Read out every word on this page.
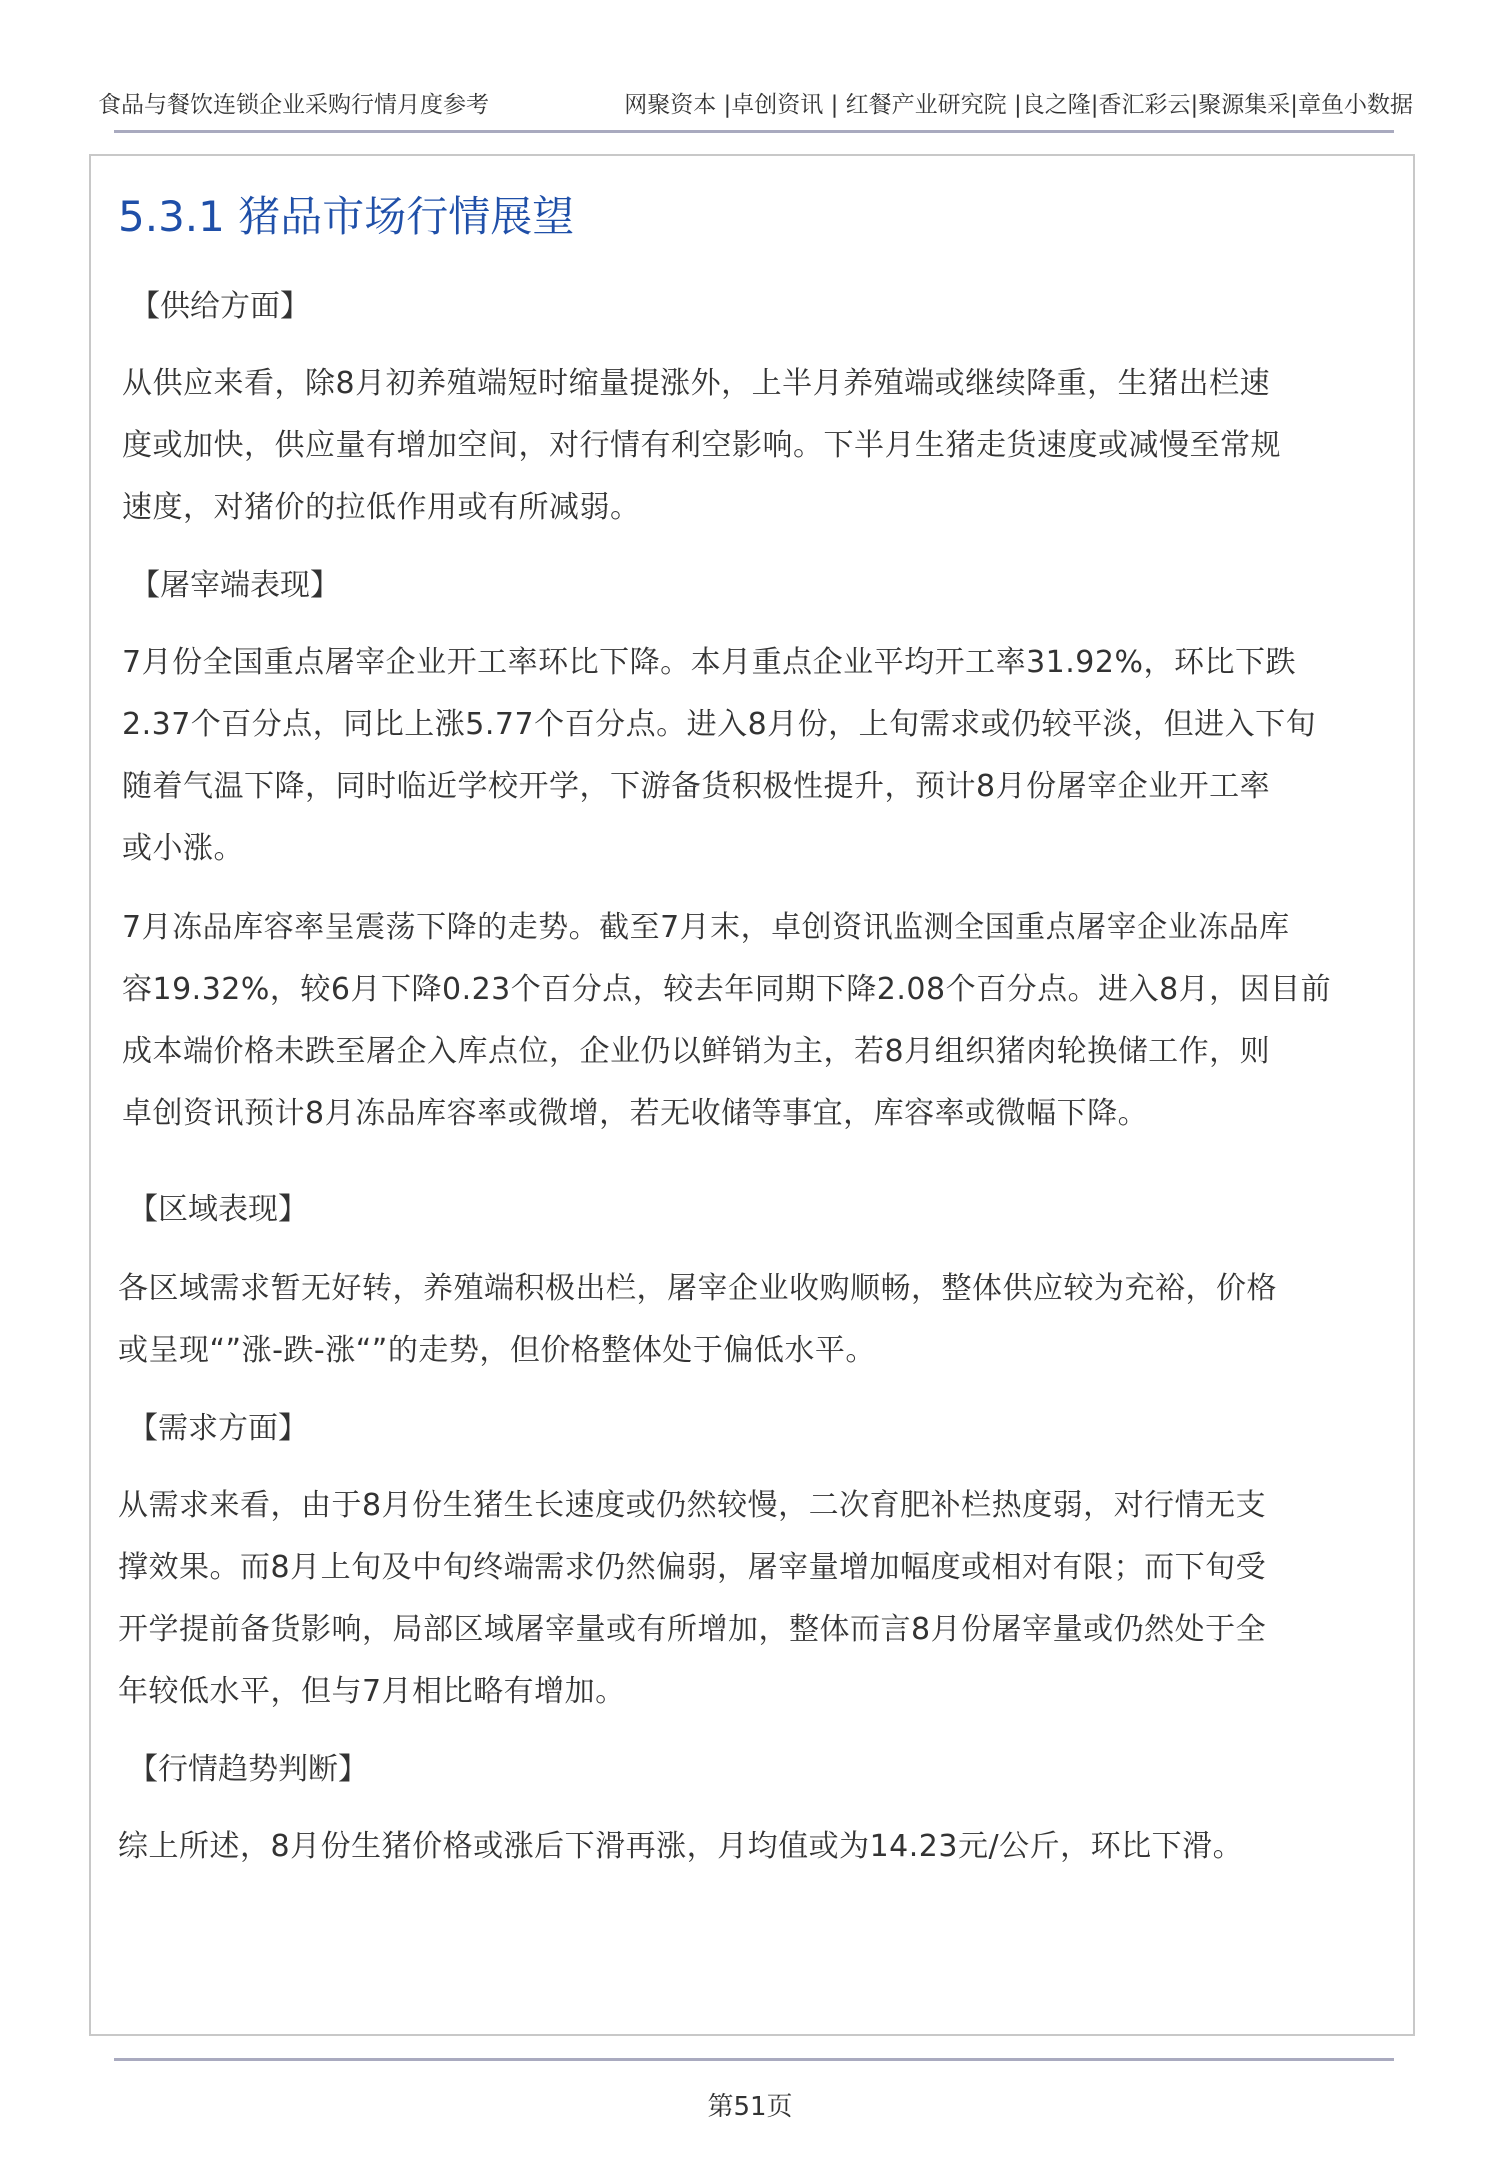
食品与餐饮连锁企业采购行情月度参考	网聚资本 |卓创资讯 | 红餐产业研究院 |良之隆|香汇彩云|聚源集采|章鱼小数据
5.3.1 猪品市场行情展望
【供给方面】
从供应来看，除8月初养殖端短时缩量提涨外，上半月养殖端或继续降重，生猪出栏速
度或加快，供应量有增加空间，对行情有利空影响。下半月生猪走货速度或减慢至常规
速度，对猪价的拉低作用或有所减弱。
【屠宰端表现】
7月份全国重点屠宰企业开工率环比下降。本月重点企业平均开工率31.92%，环比下跌
2.37个百分点，同比上涨5.77个百分点。进入8月份，上旬需求或仍较平淡，但进入下旬
随着气温下降，同时临近学校开学，下游备货积极性提升，预计8月份屠宰企业开工率
或小涨。
7月冻品库容率呈震荡下降的走势。截至7月末，卓创资讯监测全国重点屠宰企业冻品库
容19.32%，较6月下降0.23个百分点，较去年同期下降2.08个百分点。进入8月，因目前
成本端价格未跌至屠企入库点位，企业仍以鲜销为主，若8月组织猪肉轮换储工作，则
卓创资讯预计8月冻品库容率或微增，若无收储等事宜，库容率或微幅下降。
【区域表现】
各区域需求暂无好转，养殖端积极出栏，屠宰企业收购顺畅，整体供应较为充裕，价格
或呈现“”涨-跌-涨“”的走势，但价格整体处于偏低水平。
【需求方面】
从需求来看，由于8月份生猪生长速度或仍然较慢，二次育肥补栏热度弱，对行情无支
撑效果。而8月上旬及中旬终端需求仍然偏弱，屠宰量增加幅度或相对有限；而下旬受
开学提前备货影响，局部区域屠宰量或有所增加，整体而言8月份屠宰量或仍然处于全
年较低水平，但与7月相比略有增加。
【行情趋势判断】
综上所述，8月份生猪价格或涨后下滑再涨，月均值或为14.23元/公斤，环比下滑。
第51页
